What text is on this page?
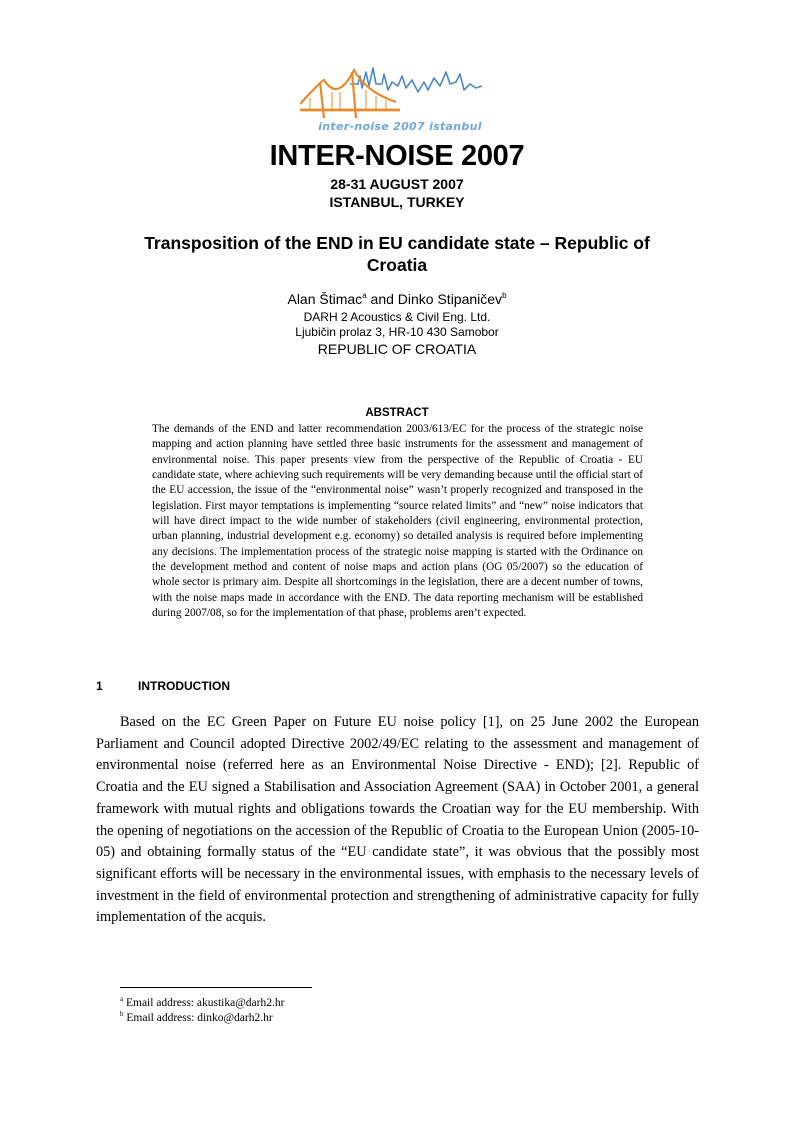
inter-noise 2007 istanbul
INTER-NOISE 2007
28-31 AUGUST 2007
ISTANBUL, TURKEY
Transposition of the END in EU candidate state – Republic of
Croatia
Alan Štimac$^a$ and Dinko Stipaničev$^b$
DARH 2 Acoustics & Civil Eng. Ltd.
Ljubičin prolaz 3, HR-10 430 Samobor
REPUBLIC OF CROATIA
ABSTRACT
The demands of the END and latter recommendation 2003/613/EC for the process of the strategic noise mapping and action planning have settled three basic instruments for the assessment and management of environmental noise. This paper presents view from the perspective of the Republic of Croatia - EU candidate state, where achieving such requirements will be very demanding because until the official start of the EU accession, the issue of the “environmental noise” wasn’t properly recognized and transposed in the legislation. First mayor temptations is implementing “source related limits” and “new” noise indicators that will have direct impact to the wide number of stakeholders (civil engineering, environmental protection, urban planning, industrial development e.g. economy) so detailed analysis is required before implementing any decisions. The implementation process of the strategic noise mapping is started with the Ordinance on the development method and content of noise maps and action plans (OG 05/2007) so the education of whole sector is primary aim. Despite all shortcomings in the legislation, there are a decent number of towns, with the noise maps made in accordance with the END. The data reporting mechanism will be established during 2007/08, so for the implementation of that phase, problems aren’t expected.
1	INTRODUCTION
Based on the EC Green Paper on Future EU noise policy [1], on 25 June 2002 the European Parliament and Council adopted Directive 2002/49/EC relating to the assessment and management of environmental noise (referred here as an Environmental Noise Directive - END); [2]. Republic of Croatia and the EU signed a Stabilisation and Association Agreement (SAA) in October 2001, a general framework with mutual rights and obligations towards the Croatian way for the EU membership. With the opening of negotiations on the accession of the Republic of Croatia to the European Union (2005-10-05) and obtaining formally status of the “EU candidate state”, it was obvious that the possibly most significant efforts will be necessary in the environmental issues, with emphasis to the necessary levels of investment in the field of environmental protection and strengthening of administrative capacity for fully implementation of the acquis.
$^a$ Email address: akustika@darh2.hr
$^b$ Email address: dinko@darh2.hr
